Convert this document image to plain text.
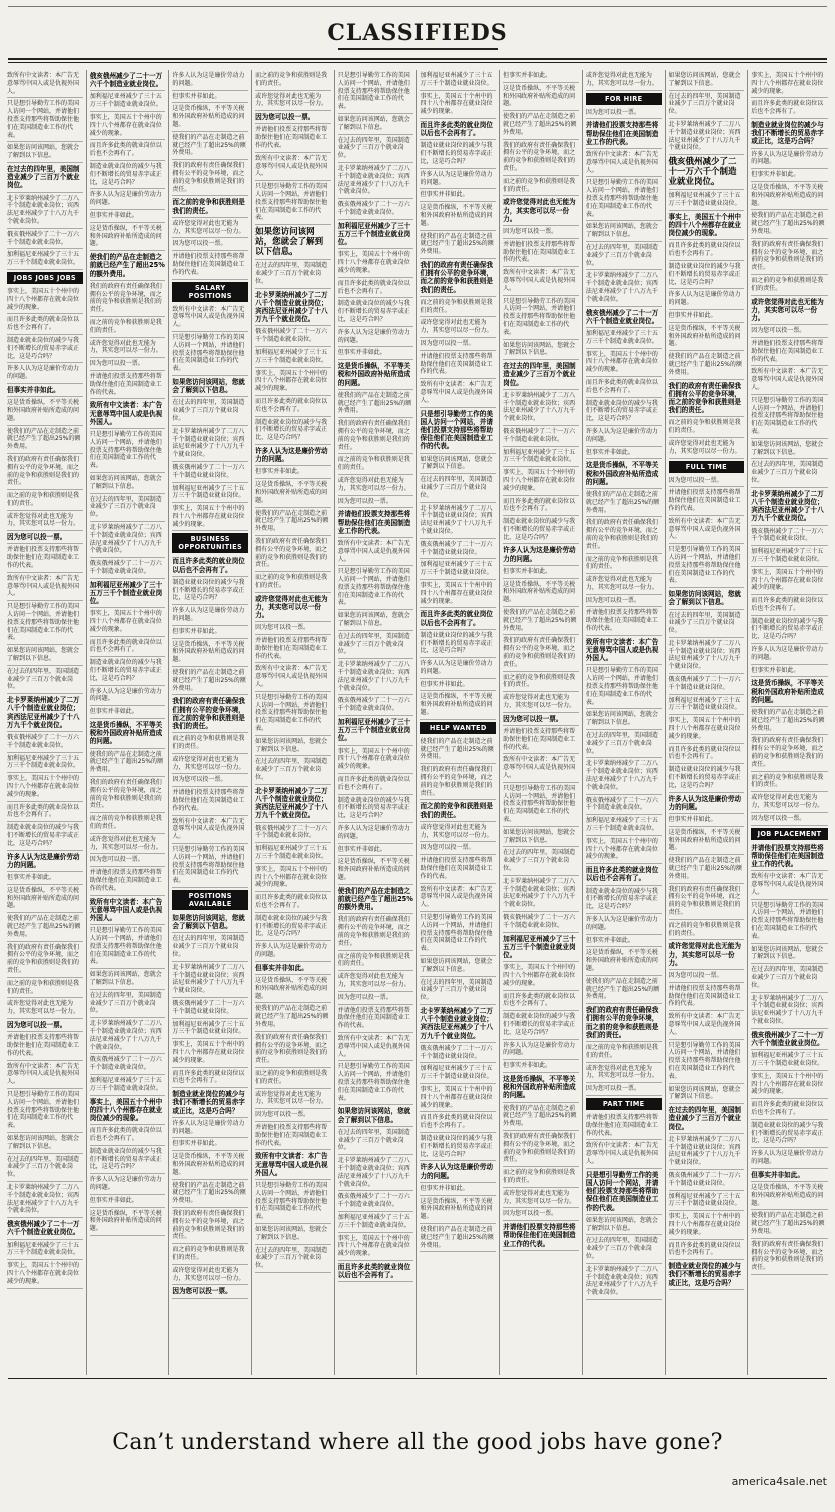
CLASSIFIEDS

致所有中文读者：本广告无意辱骂中国人或是仇视外国人。

只是想引导勤劳工作的美国人访问一个网站，并请他们投票支持那些将帮助保住他们在美国制造业工作的代表。

如果您访问该网站，您就会了解到以下信息。

在过去的四年里，美国制造业减少了三百万个就业岗位。

北卡罗莱纳州减少了二万八千个制造业就业岗位；宾西法尼亚州减少了十八万九千个就业岗位。

俄亥俄州减少了二十一万六千个制造业就业岗位。

加利福尼亚州减少了三十五万三千个制造业就业岗位。

JOBS JOBS JOBS

事实上，美国五十个州中的四十八个州都存在就业岗位减少的现象。

而且许多此类的就业岗位以后也不会再有了。

制造业就业岗位的减少与我们不断增长的贸易赤字或正比，这是巧合吗？

许多人认为这是廉价劳动力的问题。

但事实并非如此。

这是货币操纵，不平等关税和外国政府补贴所造成的问题。

使我们的产品在走制造之前就已经产生了超出25%的额外费用。

我们的政府有责任确保我们拥有公平的竞争环境，而之前的竞争和获胜则是我们的责任。

而之前的竞争和获胜则是我们的责任。

或许您觉得对此也无能为力，其实您可以尽一份力。

因为您可以投一票。

并请他们投票支持那些将帮助保住他们在美国制造业工作的代表。

致所有中文读者：本广告无意辱骂中国人或是仇视外国人。

只是想引导勤劳工作的美国人访问一个网站，并请他们投票支持那些将帮助保住他们在美国制造业工作的代表。

如果您访问该网站，您就会了解到以下信息。

在过去的四年里，美国制造业减少了三百万个就业岗位。

北卡罗莱纳州减少了二万八千个制造业就业岗位；宾西法尼亚州减少了十八万九千个就业岗位。

俄亥俄州减少了二十一万六千个制造业就业岗位。

加利福尼亚州减少了三十五万三千个制造业就业岗位。

事实上，美国五十个州中的四十八个州都存在就业岗位减少的现象。

而且许多此类的就业岗位以后也不会再有了。

制造业就业岗位的减少与我们不断增长的贸易赤字或正比，这是巧合吗？

许多人认为这是廉价劳动力的问题。

但事实并非如此。

这是货币操纵，不平等关税和外国政府补贴所造成的问题。

使我们的产品在走制造之前就已经产生了超出25%的额外费用。

我们的政府有责任确保我们拥有公平的竞争环境，而之前的竞争和获胜则是我们的责任。

而之前的竞争和获胜则是我们的责任。

或许您觉得对此也无能为力，其实您可以尽一份力。

因为您可以投一票。

并请他们投票支持那些将帮助保住他们在美国制造业工作的代表。

致所有中文读者：本广告无意辱骂中国人或是仇视外国人。

只是想引导勤劳工作的美国人访问一个网站，并请他们投票支持那些将帮助保住他们在美国制造业工作的代表。

如果您访问该网站，您就会了解到以下信息。

在过去的四年里，美国制造业减少了三百万个就业岗位。

北卡罗莱纳州减少了二万八千个制造业就业岗位；宾西法尼亚州减少了十八万九千个就业岗位。

俄亥俄州减少了二十一万六千个制造业就业岗位。

加利福尼亚州减少了三十五万三千个制造业就业岗位。

事实上，美国五十个州中的四十八个州都存在就业岗位减少的现象。

俄亥俄州减少了二十一万六千个制造业就业岗位。

加利福尼亚州减少了三十五万三千个制造业就业岗位。

事实上，美国五十个州中的四十八个州都存在就业岗位减少的现象。

而且许多此类的就业岗位以后也不会再有了。

制造业就业岗位的减少与我们不断增长的贸易赤字或正比，这是巧合吗？

许多人认为这是廉价劳动力的问题。

但事实并非如此。

这是货币操纵，不平等关税和外国政府补贴所造成的问题。

使我们的产品在走制造之前就已经产生了超出25%的额外费用。

我们的政府有责任确保我们拥有公平的竞争环境，而之前的竞争和获胜则是我们的责任。

而之前的竞争和获胜则是我们的责任。

或许您觉得对此也无能为力，其实您可以尽一份力。

因为您可以投一票。

并请他们投票支持那些将帮助保住他们在美国制造业工作的代表。

致所有中文读者：本广告无意辱骂中国人或是仇视外国人。

只是想引导勤劳工作的美国人访问一个网站，并请他们投票支持那些将帮助保住他们在美国制造业工作的代表。

如果您访问该网站，您就会了解到以下信息。

在过去的四年里，美国制造业减少了三百万个就业岗位。

北卡罗莱纳州减少了二万八千个制造业就业岗位；宾西法尼亚州减少了十八万九千个就业岗位。

俄亥俄州减少了二十一万六千个制造业就业岗位。

加利福尼亚州减少了三十五万三千个制造业就业岗位。

事实上，美国五十个州中的四十八个州都存在就业岗位减少的现象。

而且许多此类的就业岗位以后也不会再有了。

制造业就业岗位的减少与我们不断增长的贸易赤字或正比，这是巧合吗？

许多人认为这是廉价劳动力的问题。

但事实并非如此。

这是货币操纵，不平等关税和外国政府补贴所造成的问题。

使我们的产品在走制造之前就已经产生了超出25%的额外费用。

我们的政府有责任确保我们拥有公平的竞争环境，而之前的竞争和获胜则是我们的责任。

而之前的竞争和获胜则是我们的责任。

或许您觉得对此也无能为力，其实您可以尽一份力。

因为您可以投一票。

并请他们投票支持那些将帮助保住他们在美国制造业工作的代表。

致所有中文读者：本广告无意辱骂中国人或是仇视外国人。

只是想引导勤劳工作的美国人访问一个网站，并请他们投票支持那些将帮助保住他们在美国制造业工作的代表。

如果您访问该网站，您就会了解到以下信息。

在过去的四年里，美国制造业减少了三百万个就业岗位。

北卡罗莱纳州减少了二万八千个制造业就业岗位；宾西法尼亚州减少了十八万九千个就业岗位。

俄亥俄州减少了二十一万六千个制造业就业岗位。

加利福尼亚州减少了三十五万三千个制造业就业岗位。

事实上，美国五十个州中的四十八个州都存在就业岗位减少的现象。

而且许多此类的就业岗位以后也不会再有了。

制造业就业岗位的减少与我们不断增长的贸易赤字或正比，这是巧合吗？

许多人认为这是廉价劳动力的问题。

但事实并非如此。

这是货币操纵，不平等关税和外国政府补贴所造成的问题。

许多人认为这是廉价劳动力的问题。

但事实并非如此。

这是货币操纵，不平等关税和外国政府补贴所造成的问题。

使我们的产品在走制造之前就已经产生了超出25%的额外费用。

我们的政府有责任确保我们拥有公平的竞争环境，而之前的竞争和获胜则是我们的责任。

而之前的竞争和获胜则是我们的责任。

或许您觉得对此也无能为力，其实您可以尽一份力。

因为您可以投一票。

并请他们投票支持那些将帮助保住他们在美国制造业工作的代表。

SALARY POSITIONS

致所有中文读者：本广告无意辱骂中国人或是仇视外国人。

只是想引导勤劳工作的美国人访问一个网站，并请他们投票支持那些将帮助保住他们在美国制造业工作的代表。

如果您访问该网站，您就会了解到以下信息。

在过去的四年里，美国制造业减少了三百万个就业岗位。

北卡罗莱纳州减少了二万八千个制造业就业岗位；宾西法尼亚州减少了十八万九千个就业岗位。

俄亥俄州减少了二十一万六千个制造业就业岗位。

加利福尼亚州减少了三十五万三千个制造业就业岗位。

事实上，美国五十个州中的四十八个州都存在就业岗位减少的现象。

BUSINESS OPPORTUNITIES

而且许多此类的就业岗位以后也不会再有了。

制造业就业岗位的减少与我们不断增长的贸易赤字或正比，这是巧合吗？

许多人认为这是廉价劳动力的问题。

但事实并非如此。

这是货币操纵，不平等关税和外国政府补贴所造成的问题。

使我们的产品在走制造之前就已经产生了超出25%的额外费用。

我们的政府有责任确保我们拥有公平的竞争环境，而之前的竞争和获胜则是我们的责任。

而之前的竞争和获胜则是我们的责任。

或许您觉得对此也无能为力，其实您可以尽一份力。

因为您可以投一票。

并请他们投票支持那些将帮助保住他们在美国制造业工作的代表。

致所有中文读者：本广告无意辱骂中国人或是仇视外国人。

只是想引导勤劳工作的美国人访问一个网站，并请他们投票支持那些将帮助保住他们在美国制造业工作的代表。

POSITIONS AVAILABLE

如果您访问该网站，您就会了解到以下信息。

在过去的四年里，美国制造业减少了三百万个就业岗位。

北卡罗莱纳州减少了二万八千个制造业就业岗位；宾西法尼亚州减少了十八万九千个就业岗位。

俄亥俄州减少了二十一万六千个制造业就业岗位。

加利福尼亚州减少了三十五万三千个制造业就业岗位。

事实上，美国五十个州中的四十八个州都存在就业岗位减少的现象。

而且许多此类的就业岗位以后也不会再有了。

制造业就业岗位的减少与我们不断增长的贸易赤字或正比，这是巧合吗？

许多人认为这是廉价劳动力的问题。

但事实并非如此。

这是货币操纵，不平等关税和外国政府补贴所造成的问题。

使我们的产品在走制造之前就已经产生了超出25%的额外费用。

我们的政府有责任确保我们拥有公平的竞争环境，而之前的竞争和获胜则是我们的责任。

而之前的竞争和获胜则是我们的责任。

或许您觉得对此也无能为力，其实您可以尽一份力。

因为您可以投一票。

而之前的竞争和获胜则是我们的责任。

或许您觉得对此也无能为力，其实您可以尽一份力。

因为您可以投一票。

并请他们投票支持那些将帮助保住他们在美国制造业工作的代表。

致所有中文读者：本广告无意辱骂中国人或是仇视外国人。

只是想引导勤劳工作的美国人访问一个网站，并请他们投票支持那些将帮助保住他们在美国制造业工作的代表。

如果您访问该网站，您就会了解到以下信息。

在过去的四年里，美国制造业减少了三百万个就业岗位。

北卡罗莱纳州减少了二万八千个制造业就业岗位；宾西法尼亚州减少了十八万九千个就业岗位。

俄亥俄州减少了二十一万六千个制造业就业岗位。

加利福尼亚州减少了三十五万三千个制造业就业岗位。

事实上，美国五十个州中的四十八个州都存在就业岗位减少的现象。

而且许多此类的就业岗位以后也不会再有了。

制造业就业岗位的减少与我们不断增长的贸易赤字或正比，这是巧合吗？

许多人认为这是廉价劳动力的问题。

但事实并非如此。

这是货币操纵，不平等关税和外国政府补贴所造成的问题。

使我们的产品在走制造之前就已经产生了超出25%的额外费用。

我们的政府有责任确保我们拥有公平的竞争环境，而之前的竞争和获胜则是我们的责任。

而之前的竞争和获胜则是我们的责任。

或许您觉得对此也无能为力，其实您可以尽一份力。

因为您可以投一票。

并请他们投票支持那些将帮助保住他们在美国制造业工作的代表。

致所有中文读者：本广告无意辱骂中国人或是仇视外国人。

只是想引导勤劳工作的美国人访问一个网站，并请他们投票支持那些将帮助保住他们在美国制造业工作的代表。

如果您访问该网站，您就会了解到以下信息。

在过去的四年里，美国制造业减少了三百万个就业岗位。

北卡罗莱纳州减少了二万八千个制造业就业岗位；宾西法尼亚州减少了十八万九千个就业岗位。

俄亥俄州减少了二十一万六千个制造业就业岗位。

加利福尼亚州减少了三十五万三千个制造业就业岗位。

事实上，美国五十个州中的四十八个州都存在就业岗位减少的现象。

而且许多此类的就业岗位以后也不会再有了。

制造业就业岗位的减少与我们不断增长的贸易赤字或正比，这是巧合吗？

许多人认为这是廉价劳动力的问题。

但事实并非如此。

这是货币操纵，不平等关税和外国政府补贴所造成的问题。

使我们的产品在走制造之前就已经产生了超出25%的额外费用。

我们的政府有责任确保我们拥有公平的竞争环境，而之前的竞争和获胜则是我们的责任。

而之前的竞争和获胜则是我们的责任。

或许您觉得对此也无能为力，其实您可以尽一份力。

因为您可以投一票。

并请他们投票支持那些将帮助保住他们在美国制造业工作的代表。

致所有中文读者：本广告无意辱骂中国人或是仇视外国人。

只是想引导勤劳工作的美国人访问一个网站，并请他们投票支持那些将帮助保住他们在美国制造业工作的代表。

如果您访问该网站，您就会了解到以下信息。

在过去的四年里，美国制造业减少了三百万个就业岗位。

只是想引导勤劳工作的美国人访问一个网站，并请他们投票支持那些将帮助保住他们在美国制造业工作的代表。

如果您访问该网站，您就会了解到以下信息。

在过去的四年里，美国制造业减少了三百万个就业岗位。

北卡罗莱纳州减少了二万八千个制造业就业岗位；宾西法尼亚州减少了十八万九千个就业岗位。

俄亥俄州减少了二十一万六千个制造业就业岗位。

加利福尼亚州减少了三十五万三千个制造业就业岗位。

事实上，美国五十个州中的四十八个州都存在就业岗位减少的现象。

而且许多此类的就业岗位以后也不会再有了。

制造业就业岗位的减少与我们不断增长的贸易赤字或正比，这是巧合吗？

许多人认为这是廉价劳动力的问题。

但事实并非如此。

这是货币操纵，不平等关税和外国政府补贴所造成的问题。

使我们的产品在走制造之前就已经产生了超出25%的额外费用。

我们的政府有责任确保我们拥有公平的竞争环境，而之前的竞争和获胜则是我们的责任。

而之前的竞争和获胜则是我们的责任。

或许您觉得对此也无能为力，其实您可以尽一份力。

因为您可以投一票。

并请他们投票支持那些将帮助保住他们在美国制造业工作的代表。

致所有中文读者：本广告无意辱骂中国人或是仇视外国人。

只是想引导勤劳工作的美国人访问一个网站，并请他们投票支持那些将帮助保住他们在美国制造业工作的代表。

如果您访问该网站，您就会了解到以下信息。

在过去的四年里，美国制造业减少了三百万个就业岗位。

北卡罗莱纳州减少了二万八千个制造业就业岗位；宾西法尼亚州减少了十八万九千个就业岗位。

俄亥俄州减少了二十一万六千个制造业就业岗位。

加利福尼亚州减少了三十五万三千个制造业就业岗位。

事实上，美国五十个州中的四十八个州都存在就业岗位减少的现象。

而且许多此类的就业岗位以后也不会再有了。

制造业就业岗位的减少与我们不断增长的贸易赤字或正比，这是巧合吗？

许多人认为这是廉价劳动力的问题。

但事实并非如此。

这是货币操纵，不平等关税和外国政府补贴所造成的问题。

使我们的产品在走制造之前就已经产生了超出25%的额外费用。

我们的政府有责任确保我们拥有公平的竞争环境，而之前的竞争和获胜则是我们的责任。

而之前的竞争和获胜则是我们的责任。

或许您觉得对此也无能为力，其实您可以尽一份力。

因为您可以投一票。

并请他们投票支持那些将帮助保住他们在美国制造业工作的代表。

致所有中文读者：本广告无意辱骂中国人或是仇视外国人。

只是想引导勤劳工作的美国人访问一个网站，并请他们投票支持那些将帮助保住他们在美国制造业工作的代表。

如果您访问该网站，您就会了解到以下信息。

在过去的四年里，美国制造业减少了三百万个就业岗位。

北卡罗莱纳州减少了二万八千个制造业就业岗位；宾西法尼亚州减少了十八万九千个就业岗位。

俄亥俄州减少了二十一万六千个制造业就业岗位。

加利福尼亚州减少了三十五万三千个制造业就业岗位。

事实上，美国五十个州中的四十八个州都存在就业岗位减少的现象。

而且许多此类的就业岗位以后也不会再有了。

加利福尼亚州减少了三十五万三千个制造业就业岗位。

事实上，美国五十个州中的四十八个州都存在就业岗位减少的现象。

而且许多此类的就业岗位以后也不会再有了。

制造业就业岗位的减少与我们不断增长的贸易赤字或正比，这是巧合吗？

许多人认为这是廉价劳动力的问题。

但事实并非如此。

这是货币操纵，不平等关税和外国政府补贴所造成的问题。

使我们的产品在走制造之前就已经产生了超出25%的额外费用。

我们的政府有责任确保我们拥有公平的竞争环境，而之前的竞争和获胜则是我们的责任。

而之前的竞争和获胜则是我们的责任。

或许您觉得对此也无能为力，其实您可以尽一份力。

因为您可以投一票。

并请他们投票支持那些将帮助保住他们在美国制造业工作的代表。

致所有中文读者：本广告无意辱骂中国人或是仇视外国人。

只是想引导勤劳工作的美国人访问一个网站，并请他们投票支持那些将帮助保住他们在美国制造业工作的代表。

如果您访问该网站，您就会了解到以下信息。

在过去的四年里，美国制造业减少了三百万个就业岗位。

北卡罗莱纳州减少了二万八千个制造业就业岗位；宾西法尼亚州减少了十八万九千个就业岗位。

俄亥俄州减少了二十一万六千个制造业就业岗位。

加利福尼亚州减少了三十五万三千个制造业就业岗位。

事实上，美国五十个州中的四十八个州都存在就业岗位减少的现象。

而且许多此类的就业岗位以后也不会再有了。

制造业就业岗位的减少与我们不断增长的贸易赤字或正比，这是巧合吗？

许多人认为这是廉价劳动力的问题。

但事实并非如此。

这是货币操纵，不平等关税和外国政府补贴所造成的问题。

HELP WANTED

使我们的产品在走制造之前就已经产生了超出25%的额外费用。

我们的政府有责任确保我们拥有公平的竞争环境，而之前的竞争和获胜则是我们的责任。

而之前的竞争和获胜则是我们的责任。

或许您觉得对此也无能为力，其实您可以尽一份力。

因为您可以投一票。

并请他们投票支持那些将帮助保住他们在美国制造业工作的代表。

致所有中文读者：本广告无意辱骂中国人或是仇视外国人。

只是想引导勤劳工作的美国人访问一个网站，并请他们投票支持那些将帮助保住他们在美国制造业工作的代表。

如果您访问该网站，您就会了解到以下信息。

在过去的四年里，美国制造业减少了三百万个就业岗位。

北卡罗莱纳州减少了二万八千个制造业就业岗位；宾西法尼亚州减少了十八万九千个就业岗位。

俄亥俄州减少了二十一万六千个制造业就业岗位。

加利福尼亚州减少了三十五万三千个制造业就业岗位。

事实上，美国五十个州中的四十八个州都存在就业岗位减少的现象。

而且许多此类的就业岗位以后也不会再有了。

制造业就业岗位的减少与我们不断增长的贸易赤字或正比，这是巧合吗？

许多人认为这是廉价劳动力的问题。

但事实并非如此。

这是货币操纵，不平等关税和外国政府补贴所造成的问题。

使我们的产品在走制造之前就已经产生了超出25%的额外费用。

但事实并非如此。

这是货币操纵，不平等关税和外国政府补贴所造成的问题。

使我们的产品在走制造之前就已经产生了超出25%的额外费用。

我们的政府有责任确保我们拥有公平的竞争环境，而之前的竞争和获胜则是我们的责任。

而之前的竞争和获胜则是我们的责任。

或许您觉得对此也无能为力，其实您可以尽一份力。

因为您可以投一票。

并请他们投票支持那些将帮助保住他们在美国制造业工作的代表。

致所有中文读者：本广告无意辱骂中国人或是仇视外国人。

只是想引导勤劳工作的美国人访问一个网站，并请他们投票支持那些将帮助保住他们在美国制造业工作的代表。

如果您访问该网站，您就会了解到以下信息。

在过去的四年里，美国制造业减少了三百万个就业岗位。

北卡罗莱纳州减少了二万八千个制造业就业岗位；宾西法尼亚州减少了十八万九千个就业岗位。

俄亥俄州减少了二十一万六千个制造业就业岗位。

加利福尼亚州减少了三十五万三千个制造业就业岗位。

事实上，美国五十个州中的四十八个州都存在就业岗位减少的现象。

而且许多此类的就业岗位以后也不会再有了。

制造业就业岗位的减少与我们不断增长的贸易赤字或正比，这是巧合吗？

许多人认为这是廉价劳动力的问题。

但事实并非如此。

这是货币操纵，不平等关税和外国政府补贴所造成的问题。

使我们的产品在走制造之前就已经产生了超出25%的额外费用。

我们的政府有责任确保我们拥有公平的竞争环境，而之前的竞争和获胜则是我们的责任。

而之前的竞争和获胜则是我们的责任。

或许您觉得对此也无能为力，其实您可以尽一份力。

因为您可以投一票。

并请他们投票支持那些将帮助保住他们在美国制造业工作的代表。

致所有中文读者：本广告无意辱骂中国人或是仇视外国人。

只是想引导勤劳工作的美国人访问一个网站，并请他们投票支持那些将帮助保住他们在美国制造业工作的代表。

如果您访问该网站，您就会了解到以下信息。

在过去的四年里，美国制造业减少了三百万个就业岗位。

北卡罗莱纳州减少了二万八千个制造业就业岗位；宾西法尼亚州减少了十八万九千个就业岗位。

俄亥俄州减少了二十一万六千个制造业就业岗位。

加利福尼亚州减少了三十五万三千个制造业就业岗位。

事实上，美国五十个州中的四十八个州都存在就业岗位减少的现象。

而且许多此类的就业岗位以后也不会再有了。

制造业就业岗位的减少与我们不断增长的贸易赤字或正比，这是巧合吗？

许多人认为这是廉价劳动力的问题。

但事实并非如此。

这是货币操纵，不平等关税和外国政府补贴所造成的问题。

使我们的产品在走制造之前就已经产生了超出25%的额外费用。

我们的政府有责任确保我们拥有公平的竞争环境，而之前的竞争和获胜则是我们的责任。

而之前的竞争和获胜则是我们的责任。

或许您觉得对此也无能为力，其实您可以尽一份力。

因为您可以投一票。

并请他们投票支持那些将帮助保住他们在美国制造业工作的代表。

或许您觉得对此也无能为力，其实您可以尽一份力。

FOR HIRE

因为您可以投一票。

并请他们投票支持那些将帮助保住他们在美国制造业工作的代表。

致所有中文读者：本广告无意辱骂中国人或是仇视外国人。

只是想引导勤劳工作的美国人访问一个网站，并请他们投票支持那些将帮助保住他们在美国制造业工作的代表。

如果您访问该网站，您就会了解到以下信息。

在过去的四年里，美国制造业减少了三百万个就业岗位。

北卡罗莱纳州减少了二万八千个制造业就业岗位；宾西法尼亚州减少了十八万九千个就业岗位。

俄亥俄州减少了二十一万六千个制造业就业岗位。

加利福尼亚州减少了三十五万三千个制造业就业岗位。

事实上，美国五十个州中的四十八个州都存在就业岗位减少的现象。

而且许多此类的就业岗位以后也不会再有了。

制造业就业岗位的减少与我们不断增长的贸易赤字或正比，这是巧合吗？

许多人认为这是廉价劳动力的问题。

但事实并非如此。

这是货币操纵，不平等关税和外国政府补贴所造成的问题。

使我们的产品在走制造之前就已经产生了超出25%的额外费用。

我们的政府有责任确保我们拥有公平的竞争环境，而之前的竞争和获胜则是我们的责任。

而之前的竞争和获胜则是我们的责任。

或许您觉得对此也无能为力，其实您可以尽一份力。

因为您可以投一票。

并请他们投票支持那些将帮助保住他们在美国制造业工作的代表。

致所有中文读者：本广告无意辱骂中国人或是仇视外国人。

只是想引导勤劳工作的美国人访问一个网站，并请他们投票支持那些将帮助保住他们在美国制造业工作的代表。

如果您访问该网站，您就会了解到以下信息。

在过去的四年里，美国制造业减少了三百万个就业岗位。

北卡罗莱纳州减少了二万八千个制造业就业岗位；宾西法尼亚州减少了十八万九千个就业岗位。

俄亥俄州减少了二十一万六千个制造业就业岗位。

加利福尼亚州减少了三十五万三千个制造业就业岗位。

事实上，美国五十个州中的四十八个州都存在就业岗位减少的现象。

而且许多此类的就业岗位以后也不会再有了。

制造业就业岗位的减少与我们不断增长的贸易赤字或正比，这是巧合吗？

许多人认为这是廉价劳动力的问题。

但事实并非如此。

这是货币操纵，不平等关税和外国政府补贴所造成的问题。

使我们的产品在走制造之前就已经产生了超出25%的额外费用。

我们的政府有责任确保我们拥有公平的竞争环境，而之前的竞争和获胜则是我们的责任。

而之前的竞争和获胜则是我们的责任。

或许您觉得对此也无能为力，其实您可以尽一份力。

因为您可以投一票。

PART TIME

并请他们投票支持那些将帮助保住他们在美国制造业工作的代表。

致所有中文读者：本广告无意辱骂中国人或是仇视外国人。

只是想引导勤劳工作的美国人访问一个网站，并请他们投票支持那些将帮助保住他们在美国制造业工作的代表。

如果您访问该网站，您就会了解到以下信息。

在过去的四年里，美国制造业减少了三百万个就业岗位。

北卡罗莱纳州减少了二万八千个制造业就业岗位；宾西法尼亚州减少了十八万九千个就业岗位。

如果您访问该网站，您就会了解到以下信息。

在过去的四年里，美国制造业减少了三百万个就业岗位。

北卡罗莱纳州减少了二万八千个制造业就业岗位；宾西法尼亚州减少了十八万九千个就业岗位。

俄亥俄州减少了二十一万六千个制造业就业岗位。

加利福尼亚州减少了三十五万三千个制造业就业岗位。

事实上，美国五十个州中的四十八个州都存在就业岗位减少的现象。

而且许多此类的就业岗位以后也不会再有了。

制造业就业岗位的减少与我们不断增长的贸易赤字或正比，这是巧合吗？

许多人认为这是廉价劳动力的问题。

但事实并非如此。

这是货币操纵，不平等关税和外国政府补贴所造成的问题。

使我们的产品在走制造之前就已经产生了超出25%的额外费用。

我们的政府有责任确保我们拥有公平的竞争环境，而之前的竞争和获胜则是我们的责任。

而之前的竞争和获胜则是我们的责任。

或许您觉得对此也无能为力，其实您可以尽一份力。

FULL TIME

因为您可以投一票。

并请他们投票支持那些将帮助保住他们在美国制造业工作的代表。

致所有中文读者：本广告无意辱骂中国人或是仇视外国人。

只是想引导勤劳工作的美国人访问一个网站，并请他们投票支持那些将帮助保住他们在美国制造业工作的代表。

如果您访问该网站，您就会了解到以下信息。

在过去的四年里，美国制造业减少了三百万个就业岗位。

北卡罗莱纳州减少了二万八千个制造业就业岗位；宾西法尼亚州减少了十八万九千个就业岗位。

俄亥俄州减少了二十一万六千个制造业就业岗位。

加利福尼亚州减少了三十五万三千个制造业就业岗位。

事实上，美国五十个州中的四十八个州都存在就业岗位减少的现象。

而且许多此类的就业岗位以后也不会再有了。

制造业就业岗位的减少与我们不断增长的贸易赤字或正比，这是巧合吗？

许多人认为这是廉价劳动力的问题。

但事实并非如此。

这是货币操纵，不平等关税和外国政府补贴所造成的问题。

使我们的产品在走制造之前就已经产生了超出25%的额外费用。

我们的政府有责任确保我们拥有公平的竞争环境，而之前的竞争和获胜则是我们的责任。

而之前的竞争和获胜则是我们的责任。

或许您觉得对此也无能为力，其实您可以尽一份力。

因为您可以投一票。

并请他们投票支持那些将帮助保住他们在美国制造业工作的代表。

致所有中文读者：本广告无意辱骂中国人或是仇视外国人。

只是想引导勤劳工作的美国人访问一个网站，并请他们投票支持那些将帮助保住他们在美国制造业工作的代表。

如果您访问该网站，您就会了解到以下信息。

在过去的四年里，美国制造业减少了三百万个就业岗位。

北卡罗莱纳州减少了二万八千个制造业就业岗位；宾西法尼亚州减少了十八万九千个就业岗位。

俄亥俄州减少了二十一万六千个制造业就业岗位。

加利福尼亚州减少了三十五万三千个制造业就业岗位。

事实上，美国五十个州中的四十八个州都存在就业岗位减少的现象。

而且许多此类的就业岗位以后也不会再有了。

制造业就业岗位的减少与我们不断增长的贸易赤字或正比，这是巧合吗？

事实上，美国五十个州中的四十八个州都存在就业岗位减少的现象。

而且许多此类的就业岗位以后也不会再有了。

制造业就业岗位的减少与我们不断增长的贸易赤字或正比，这是巧合吗？

许多人认为这是廉价劳动力的问题。

但事实并非如此。

这是货币操纵，不平等关税和外国政府补贴所造成的问题。

使我们的产品在走制造之前就已经产生了超出25%的额外费用。

我们的政府有责任确保我们拥有公平的竞争环境，而之前的竞争和获胜则是我们的责任。

而之前的竞争和获胜则是我们的责任。

或许您觉得对此也无能为力，其实您可以尽一份力。

因为您可以投一票。

并请他们投票支持那些将帮助保住他们在美国制造业工作的代表。

致所有中文读者：本广告无意辱骂中国人或是仇视外国人。

只是想引导勤劳工作的美国人访问一个网站，并请他们投票支持那些将帮助保住他们在美国制造业工作的代表。

如果您访问该网站，您就会了解到以下信息。

在过去的四年里，美国制造业减少了三百万个就业岗位。

北卡罗莱纳州减少了二万八千个制造业就业岗位；宾西法尼亚州减少了十八万九千个就业岗位。

俄亥俄州减少了二十一万六千个制造业就业岗位。

加利福尼亚州减少了三十五万三千个制造业就业岗位。

事实上，美国五十个州中的四十八个州都存在就业岗位减少的现象。

而且许多此类的就业岗位以后也不会再有了。

制造业就业岗位的减少与我们不断增长的贸易赤字或正比，这是巧合吗？

许多人认为这是廉价劳动力的问题。

但事实并非如此。

这是货币操纵，不平等关税和外国政府补贴所造成的问题。

使我们的产品在走制造之前就已经产生了超出25%的额外费用。

我们的政府有责任确保我们拥有公平的竞争环境，而之前的竞争和获胜则是我们的责任。

而之前的竞争和获胜则是我们的责任。

或许您觉得对此也无能为力，其实您可以尽一份力。

因为您可以投一票。

JOB PLACEMENT

并请他们投票支持那些将帮助保住他们在美国制造业工作的代表。

致所有中文读者：本广告无意辱骂中国人或是仇视外国人。

只是想引导勤劳工作的美国人访问一个网站，并请他们投票支持那些将帮助保住他们在美国制造业工作的代表。

如果您访问该网站，您就会了解到以下信息。

在过去的四年里，美国制造业减少了三百万个就业岗位。

北卡罗莱纳州减少了二万八千个制造业就业岗位；宾西法尼亚州减少了十八万九千个就业岗位。

俄亥俄州减少了二十一万六千个制造业就业岗位。

加利福尼亚州减少了三十五万三千个制造业就业岗位。

事实上，美国五十个州中的四十八个州都存在就业岗位减少的现象。

而且许多此类的就业岗位以后也不会再有了。

制造业就业岗位的减少与我们不断增长的贸易赤字或正比，这是巧合吗？

许多人认为这是廉价劳动力的问题。

但事实并非如此。

这是货币操纵，不平等关税和外国政府补贴所造成的问题。

使我们的产品在走制造之前就已经产生了超出25%的额外费用。

我们的政府有责任确保我们拥有公平的竞争环境，而之前的竞争和获胜则是我们的责任。

Can’t understand where all the good jobs have gone?
america4sale.net
